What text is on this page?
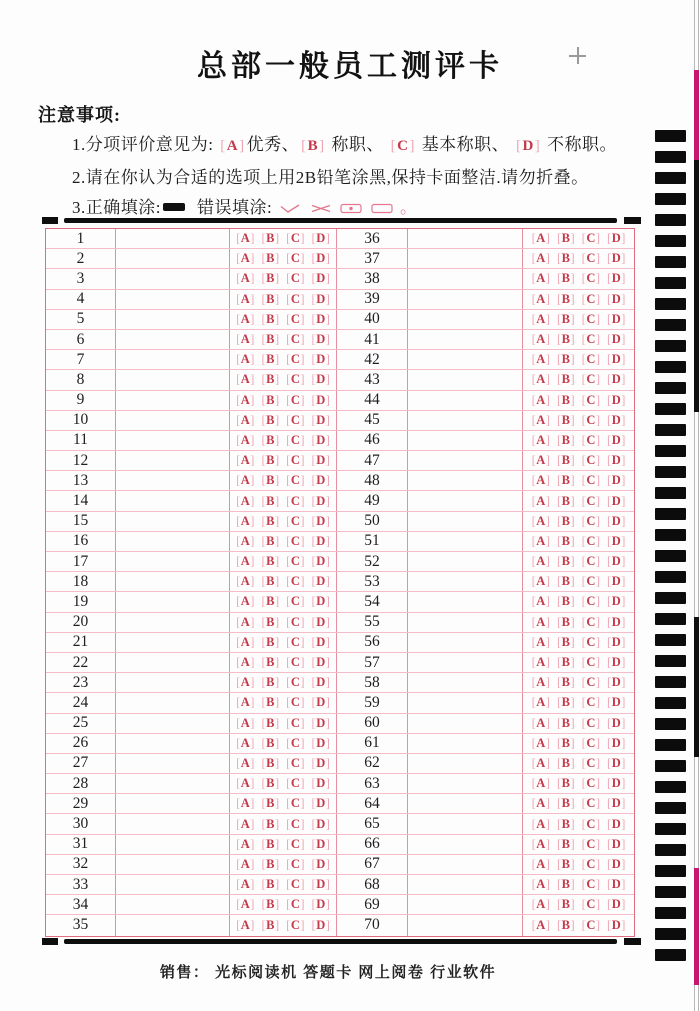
总部一般员工测评卡
注意事项:
1.分项评价意见为: [ A ] 优秀、 [ B ] 称职、 [ C ] 基本称职、 [ D ] 不称职。
2.请在你认为合适的选项上用2B铅笔涂黑,保持卡面整洁.请勿折叠。
3.正确填涂: 错误填涂:	。
1	[ A ]	[ B ]	[ C ]	[ D ]	36	[ A ]	[ B ]	[ C ]	[ D ]
2	[ A ]	[ B ]	[ C ]	[ D ]	37	[ A ]	[ B ]	[ C ]	[ D ]
3	[ A ]	[ B ]	[ C ]	[ D ]	38	[ A ]	[ B ]	[ C ]	[ D ]
4	[ A ]	[ B ]	[ C ]	[ D ]	39	[ A ]	[ B ]	[ C ]	[ D ]
5	[ A ]	[ B ]	[ C ]	[ D ]	40	[ A ]	[ B ]	[ C ]	[ D ]
6	[ A ]	[ B ]	[ C ]	[ D ]	41	[ A ]	[ B ]	[ C ]	[ D ]
7	[ A ]	[ B ]	[ C ]	[ D ]	42	[ A ]	[ B ]	[ C ]	[ D ]
8	[ A ]	[ B ]	[ C ]	[ D ]	43	[ A ]	[ B ]	[ C ]	[ D ]
9	[ A ]	[ B ]	[ C ]	[ D ]	44	[ A ]	[ B ]	[ C ]	[ D ]
10	[ A ]	[ B ]	[ C ]	[ D ]	45	[ A ]	[ B ]	[ C ]	[ D ]
11	[ A ]	[ B ]	[ C ]	[ D ]	46	[ A ]	[ B ]	[ C ]	[ D ]
12	[ A ]	[ B ]	[ C ]	[ D ]	47	[ A ]	[ B ]	[ C ]	[ D ]
13	[ A ]	[ B ]	[ C ]	[ D ]	48	[ A ]	[ B ]	[ C ]	[ D ]
14	[ A ]	[ B ]	[ C ]	[ D ]	49	[ A ]	[ B ]	[ C ]	[ D ]
15	[ A ]	[ B ]	[ C ]	[ D ]	50	[ A ]	[ B ]	[ C ]	[ D ]
16	[ A ]	[ B ]	[ C ]	[ D ]	51	[ A ]	[ B ]	[ C ]	[ D ]
17	[ A ]	[ B ]	[ C ]	[ D ]	52	[ A ]	[ B ]	[ C ]	[ D ]
18	[ A ]	[ B ]	[ C ]	[ D ]	53	[ A ]	[ B ]	[ C ]	[ D ]
19	[ A ]	[ B ]	[ C ]	[ D ]	54	[ A ]	[ B ]	[ C ]	[ D ]
20	[ A ]	[ B ]	[ C ]	[ D ]	55	[ A ]	[ B ]	[ C ]	[ D ]
21	[ A ]	[ B ]	[ C ]	[ D ]	56	[ A ]	[ B ]	[ C ]	[ D ]
22	[ A ]	[ B ]	[ C ]	[ D ]	57	[ A ]	[ B ]	[ C ]	[ D ]
23	[ A ]	[ B ]	[ C ]	[ D ]	58	[ A ]	[ B ]	[ C ]	[ D ]
24	[ A ]	[ B ]	[ C ]	[ D ]	59	[ A ]	[ B ]	[ C ]	[ D ]
25	[ A ]	[ B ]	[ C ]	[ D ]	60	[ A ]	[ B ]	[ C ]	[ D ]
26	[ A ]	[ B ]	[ C ]	[ D ]	61	[ A ]	[ B ]	[ C ]	[ D ]
27	[ A ]	[ B ]	[ C ]	[ D ]	62	[ A ]	[ B ]	[ C ]	[ D ]
28	[ A ]	[ B ]	[ C ]	[ D ]	63	[ A ]	[ B ]	[ C ]	[ D ]
29	[ A ]	[ B ]	[ C ]	[ D ]	64	[ A ]	[ B ]	[ C ]	[ D ]
30	[ A ]	[ B ]	[ C ]	[ D ]	65	[ A ]	[ B ]	[ C ]	[ D ]
31	[ A ]	[ B ]	[ C ]	[ D ]	66	[ A ]	[ B ]	[ C ]	[ D ]
32	[ A ]	[ B ]	[ C ]	[ D ]	67	[ A ]	[ B ]	[ C ]	[ D ]
33	[ A ]	[ B ]	[ C ]	[ D ]	68	[ A ]	[ B ]	[ C ]	[ D ]
34	[ A ]	[ B ]	[ C ]	[ D ]	69	[ A ]	[ B ]	[ C ]	[ D ]
35	[ A ]	[ B ]	[ C ]	[ D ]	70	[ A ]	[ B ]	[ C ]	[ D ]
销售： 光标阅读机 答题卡 网上阅卷 行业软件
